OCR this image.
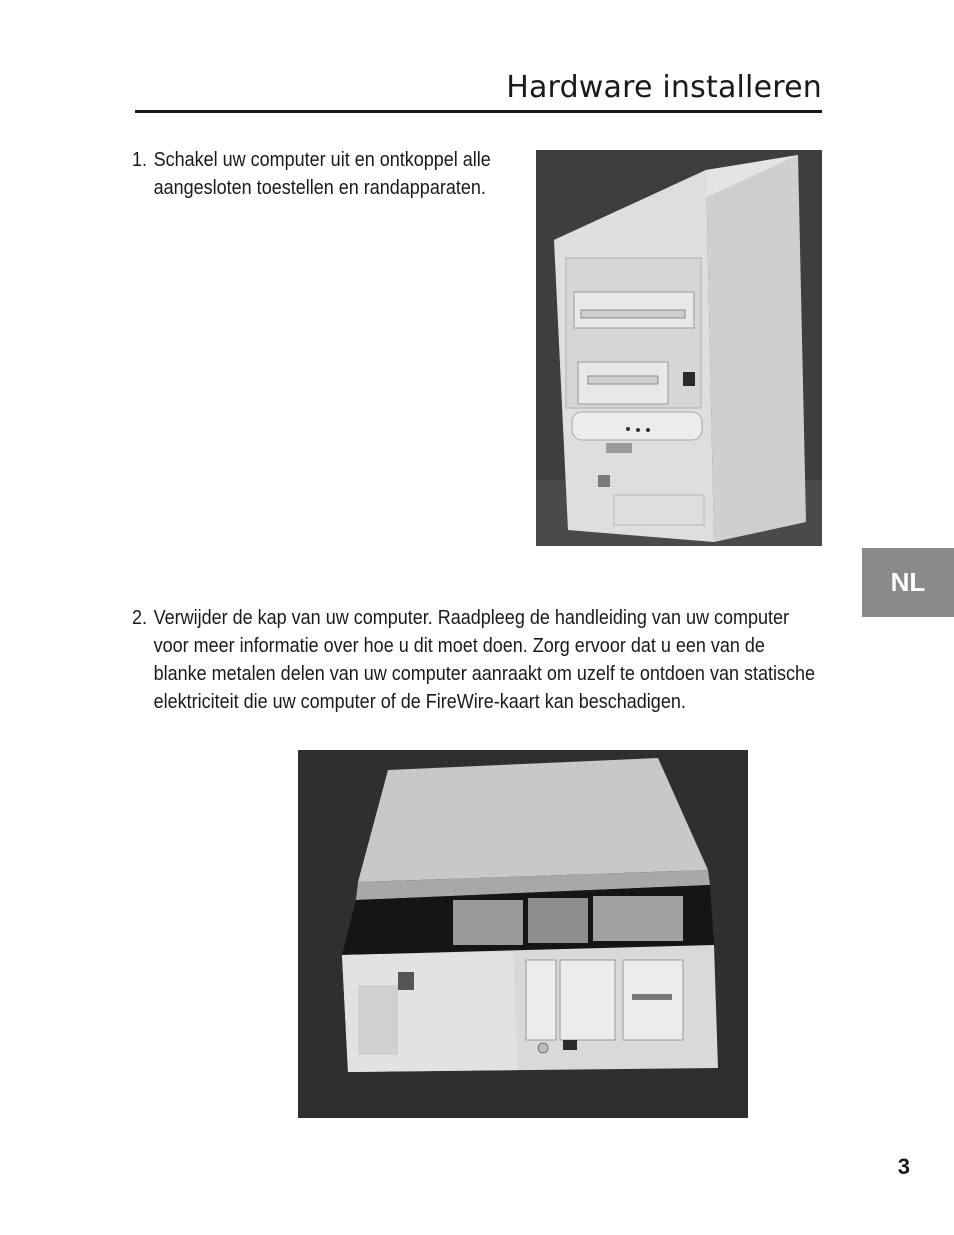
Hardware installeren
1. Schakel uw computer uit en ontkoppel alle aangesloten toestellen en randapparaten.
2. Verwijder de kap van uw computer. Raadpleeg de handleiding van uw computer voor meer informatie over hoe u dit moet doen. Zorg ervoor dat u een van de blanke metalen delen van uw computer aanraakt om uzelf te ontdoen van statische elektriciteit die uw computer of de FireWire-kaart kan beschadigen.
NL
3
